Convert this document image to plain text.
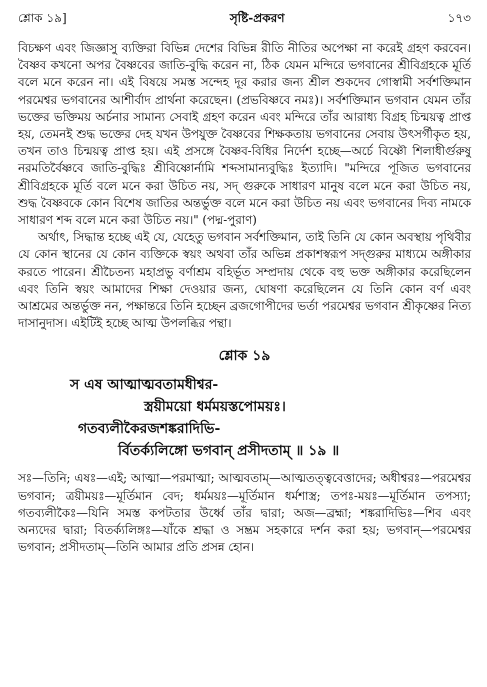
শ্লোক ১৯]	সৃষ্টি-প্রকরণ	১৭৩

বিচক্ষণ এবং জিজ্ঞাসু ব্যক্তিরা বিভিন্ন দেশের বিভিন্ন রীতি নীতির অপেক্ষা না করেই গ্রহণ করবেন। বৈষ্ণব কখনো অপর বৈষ্ণবের জাতি-বুদ্ধি করেন না, ঠিক যেমন মন্দিরে ভগবানের শ্রীবিগ্রহকে মূর্তি বলে মনে করেন না। এই বিষয়ে সমস্ত সন্দেহ দূর করার জন্য শ্রীল শুকদেব গোস্বামী সর্বশক্তিমান পরমেশ্বর ভগবানের আশীর্বাদ প্রার্থনা করেছেন। (প্রভবিষ্ণবে নমঃ)। সর্বশক্তিমান ভগবান যেমন তাঁর ভক্তের ভক্তিময় অর্চনার সামান্য সেবাই গ্রহণ করেন এবং মন্দিরে তাঁর আরাধ্য বিগ্রহ চিন্ময়ত্ব প্রাপ্ত হয়, তেমনই শুদ্ধ ভক্তের দেহ যখন উপযুক্ত বৈষ্ণবের শিক্ষকতায় ভগবানের সেবায় উৎসর্গীকৃত হয়, তখন তাও চিন্ময়ত্ব প্রাপ্ত হয়। এই প্রসঙ্গে বৈষ্ণব-বিধির নির্দেশ হচ্ছে—অর্চে বিষ্ণৌ শিলাধীর্গুরুষু নরমতির্বৈষ্ণবে জাতি-বুদ্ধিঃ শ্রীবিষ্ণোর্নামি শব্দসামান্যবুদ্ধিঃ ইত্যাদি। "মন্দিরে পূজিত ভগবানের শ্রীবিগ্রহকে মূর্তি বলে মনে করা উচিত নয়, সদ্‌ গুরুকে সাধারণ মানুষ বলে মনে করা উচিত নয়, শুদ্ধ বৈষ্ণবকে কোন বিশেষ জাতির অন্তর্ভুক্ত বলে মনে করা উচিত নয় এবং ভগবানের দিব্য নামকে সাধারণ শব্দ বলে মনে করা উচিত নয়।" (পদ্ম-পুরাণ)

অর্থাৎ, সিদ্ধান্ত হচ্ছে এই যে, যেহেতু ভগবান সর্বশক্তিমান, তাই তিনি যে কোন অবস্থায় পৃথিবীর যে কোন স্থানের যে কোন ব্যক্তিকে স্বয়ং অথবা তাঁর অভিন্ন প্রকাশস্বরূপ সদ্‌গুরুর মাধ্যমে অঙ্গীকার করতে পারেন। শ্রীচৈতন্য মহাপ্রভু বর্ণাশ্রম বহির্ভূত সম্প্রদায় থেকে বহু ভক্ত অঙ্গীকার করেছিলেন এবং তিনি স্বয়ং আমাদের শিক্ষা দেওয়ার জন্য, ঘোষণা করেছিলেন যে তিনি কোন বর্ণ এবং আশ্রমের অন্তর্ভুক্ত নন, পক্ষান্তরে তিনি হচ্ছেন ব্রজগোপীদের ভর্তা পরমেশ্বর ভগবান শ্রীকৃষ্ণের নিত্য দাসানুদাস। এইটিই হচ্ছে আত্ম উপলব্ধির পন্থা।

শ্লোক ১৯
স এষ আত্মাত্মবতামধীশ্বর-
স্ত্রয়ীময়ো ধর্মময়স্তপোময়ঃ।
গতব্যলীকৈরজশঙ্করাদিভি-
র্বিতর্ক্যলিঙ্গো ভগবান্ প্রসীদতাম্ ॥ ১৯ ॥
সঃ—তিনি; এষঃ—এই; আত্মা—পরমাত্মা; আত্মবতাম্—আত্মতত্ত্ববেত্তাদের; অধীশ্বরঃ—পরমেশ্বর ভগবান; ত্রয়ীময়ঃ—মূর্তিমান বেদ; ধর্মময়ঃ—মূর্তিমান ধর্মশাস্ত্র; তপঃ-ময়ঃ—মূর্তিমান তপস্যা; গতব্যলীকৈঃ—যিনি সমস্ত কপটতার উর্ধ্বে তাঁর দ্বারা; অজ—ব্রহ্মা; শঙ্করাদিভিঃ—শিব এবং অন্যদের দ্বারা; বিতর্ক্যলিঙ্গঃ—যাঁকে শ্রদ্ধা ও সম্ভ্রম সহকারে দর্শন করা হয়; ভগবান্—পরমেশ্বর ভগবান; প্রসীদতাম্—তিনি আমার প্রতি প্রসন্ন হোন।
